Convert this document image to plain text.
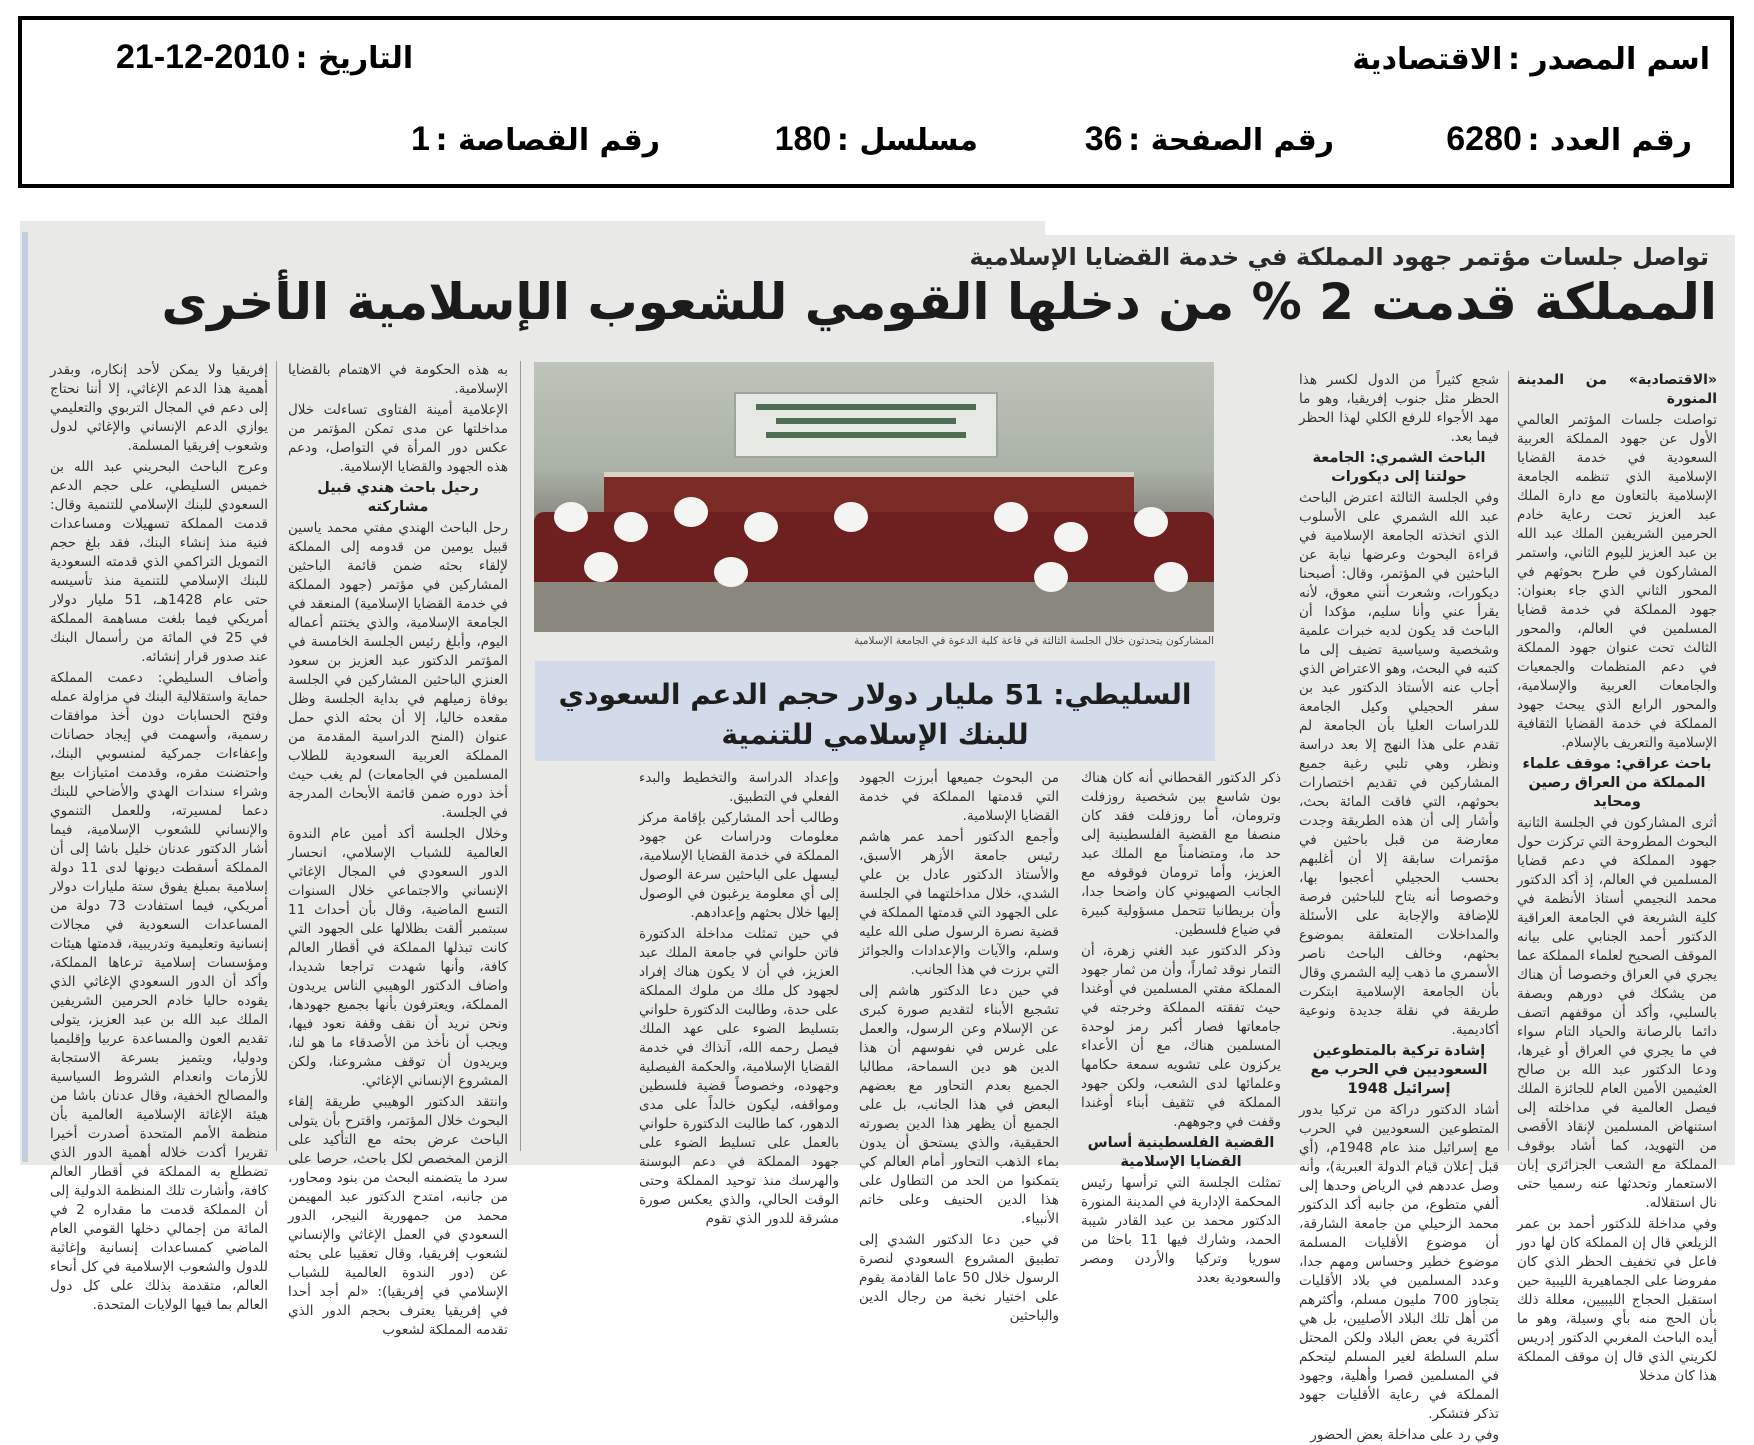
اسم المصدر : الاقتصادية
التاريخ : 2010-12-21
رقم العدد : 6280
رقم الصفحة : 36
مسلسل : 180
رقم القصاصة : 1
تواصل جلسات مؤتمر جهود المملكة في خدمة القضايا الإسلامية
المملكة قدمت 2 % من دخلها القومي للشعوب الإسلامية الأخرى

«الاقتصادية» من المدينة المنورة

تواصلت جلسات المؤتمر العالمي الأول عن جهود المملكة العربية السعودية في خدمة القضايا الإسلامية الذي تنظمه الجامعة الإسلامية بالتعاون مع دارة الملك عبد العزيز تحت رعاية خادم الحرمين الشريفين الملك عبد الله بن عبد العزيز لليوم الثاني، واستمر المشاركون في طرح بحوثهم في المحور الثاني الذي جاء بعنوان: جهود المملكة في خدمة قضايا المسلمين في العالم، والمحور الثالث تحت عنوان جهود المملكة في دعم المنظمات والجمعيات والجامعات العربية والإسلامية، والمحور الرابع الذي يبحث جهود المملكة في خدمة القضايا الثقافية الإسلامية والتعريف بالإسلام.

باحث عراقي: موقف علماء المملكة من العراق رصين ومحايد

أثرى المشاركون في الجلسة الثانية البحوث المطروحة التي تركزت حول جهود المملكة في دعم قضايا المسلمين في العالم، إذ أكد الدكتور محمد النجيمي أستاذ الأنظمة في كلية الشريعة في الجامعة العراقية الدكتور أحمد الجنابي على بيانه الموقف الصحيح لعلماء المملكة عما يجري في العراق وخصوصا أن هناك من يشكك في دورهم وبصفة بالسلبي، وأكد أن موقفهم اتصف دائما بالرصانة والحياد التام سواء في ما يجري في العراق أو غيرها، ودعا الدكتور عبد الله بن صالح العثيمين الأمين العام للجائزة الملك فيصل العالمية في مداخلته إلى استنهاض المسلمين لإنقاذ الأقصى من التهويد، كما أشاد بوقوف المملكة مع الشعب الجزائري إبان الاستعمار وتحدثها عنه رسميا حتى نال استقلاله.

وفي مداخلة للدكتور أحمد بن عمر الزيلعي قال إن المملكة كان لها دور فاعل في تخفيف الحظر الذي كان مفروضا على الجماهيرية الليبية حين استقبل الحجاج الليبيين، معللة ذلك بأن الحج منه بأي وسيلة، وهو ما أيده الباحث المغربي الدكتور إدريس لكريني الذي قال إن موقف المملكة هذا كان مدخلا

شجع كثيراً من الدول لكسر هذا الحظر مثل جنوب إفريقيا، وهو ما مهد الأجواء للرفع الكلي لهذا الحظر فيما بعد.

الباحث الشمري: الجامعة حولتنا إلى ديكورات

وفي الجلسة الثالثة اعترض الباحث عبد الله الشمري على الأسلوب الذي اتخذته الجامعة الإسلامية في قراءة البحوث وعرضها نيابة عن الباحثين في المؤتمر، وقال: أصبحنا ديكورات، وشعرت أنني معوق، لأنه يقرأ عني وأنا سليم، مؤكدا أن الباحث قد يكون لديه خبرات علمية وشخصية وسياسية تضيف إلى ما كتبه في البحث، وهو الاعتراض الذي أجاب عنه الأستاذ الدكتور عبد بن سفر الحجيلي وكيل الجامعة للدراسات العليا بأن الجامعة لم تقدم على هذا النهج إلا بعد دراسة ونظر، وهي تلبي رغبة جميع المشاركين في تقديم اختصارات بحوثهم، التي فاقت المائة بحث، وأشار إلى أن هذه الطريقة وجدت معارضة من قبل باحثين في مؤتمرات سابقة إلا أن أغلبهم بحسب الحجيلي أعجبوا بها، وخصوصا أنه يتاح للباحثين فرصة للإضافة والإجابة على الأسئلة والمداخلات المتعلقة بموضوع بحثهم، وخالف الباحث ناصر الأسمري ما ذهب إليه الشمري وقال بأن الجامعة الإسلامية ابتكرت طريقة في نقلة جديدة ونوعية أكاديمية.

إشادة تركية بالمتطوعين السعوديين في الحرب مع إسرائيل 1948

أشاد الدكتور دراكة من تركيا بدور المتطوعين السعوديين في الحرب مع إسرائيل منذ عام 1948م، (أي قبل إعلان قيام الدولة العبرية)، وأنه وصل عددهم في الرياض وحدها إلى ألفي متطوع، من جانبه أكد الدكتور محمد الزحيلي من جامعة الشارقة، أن موضوع الأقليات المسلمة موضوع خطير وحساس ومهم جدا، وعدد المسلمين في بلاد الأقليات يتجاوز 700 مليون مسلم، وأكثرهم من أهل تلك البلاد الأصليين، بل هي أكثرية في بعض البلاد ولكن المحتل سلم السلطة لغير المسلم ليتحكم في المسلمين قصرا وأهلية، وجهود المملكة في رعاية الأقليات جهود تذكر فتشكر.

وفي رد على مداخلة بعض الحضور

المشاركون يتحدثون خلال الجلسة الثالثة في قاعة كلية الدعوة في الجامعة الإسلامية
السليطي: 51 مليار دولار حجم الدعم السعودي للبنك الإسلامي للتنمية

ذكر الدكتور القحطاني أنه كان هناك بون شاسع بين شخصية روزفلت وترومان، أما روزفلت فقد كان منصفا مع القضية الفلسطينية إلى حد ما، ومتضامناً مع الملك عبد العزيز، وأما ترومان فوقوفه مع الجانب الصهيوني كان واضحا جدا، وأن بريطانيا تتحمل مسؤولية كبيرة في ضياع فلسطين.

وذكر الدكتور عبد الغني زهرة، أن التمار نوقد ثماراً، وأن من ثمار جهود المملكة مفتي المسلمين في أوغندا حيث تفقته المملكة وخرجته في جامعاتها فصار أكبر رمز لوحدة المسلمين هناك، مع أن الأعداء يركزون على تشويه سمعة حكامها وعلمائها لدى الشعب، ولكن جهود المملكة في تثقيف أبناء أوغندا وقفت في وجوههم.

القضية الفلسطينية أساس القضايا الإسلامية

تمثلت الجلسة التي ترأسها رئيس المحكمة الإدارية في المدينة المنورة الدكتور محمد بن عبد القادر شيبة الحمد، وشارك فيها 11 باحثا من سوريا وتركيا والأردن ومصر والسعودية بعدد

من البحوث جميعها أبرزت الجهود التي قدمتها المملكة في خدمة القضايا الإسلامية.

وأجمع الدكتور أحمد عمر هاشم رئيس جامعة الأزهر الأسبق، والأستاذ الدكتور عادل بن علي الشدي، خلال مداخلتهما في الجلسة على الجهود التي قدمتها المملكة في قضية نصرة الرسول صلى الله عليه وسلم، والآيات والإعدادات والجوائز التي برزت في هذا الجانب.

في حين دعا الدكتور هاشم إلى تشجيع الأبناء لتقديم صورة كبرى عن الإسلام وعن الرسول، والعمل على غرس في نفوسهم أن هذا الدين هو دين السماحة، مطالبا الجميع بعدم التحاور مع بعضهم البعض في هذا الجانب، بل على الجميع أن يظهر هذا الدين بصورته الحقيقية، والذي يستحق أن يدون بماء الذهب التحاور أمام العالم كي يتمكنوا من الحد من التطاول على هذا الدين الحنيف وعلى خاتم الأنبياء.

في حين دعا الدكتور الشدي إلى تطبيق المشروع السعودي لنصرة الرسول خلال 50 عاما القادمة يقوم على اختيار نخبة من رجال الدين والباحثين

وإعداد الدراسة والتخطيط والبدء الفعلي في التطبيق.

وطالب أحد المشاركين بإقامة مركز معلومات ودراسات عن جهود المملكة في خدمة القضايا الإسلامية، ليسهل على الباحثين سرعة الوصول إلى أي معلومة يرغبون في الوصول إليها خلال بحثهم وإعدادهم.

في حين تمثلت مداخلة الدكتورة فاتن حلواني في جامعة الملك عبد العزيز، في أن لا يكون هناك إفراد لجهود كل ملك من ملوك المملكة على حدة، وطالبت الدكتورة حلواني بتسليط الضوء على عهد الملك فيصل رحمه الله، آنذاك في خدمة القضايا الإسلامية، والحكمة الفيصلية وجهوده، وخصوصاً قضية فلسطين ومواقفه، ليكون خالداً على مدى الدهور، كما طالبت الدكتورة حلواني بالعمل على تسليط الضوء على جهود المملكة في دعم البوسنة والهرسك منذ توحيد المملكة وحتى الوقت الحالي، والذي يعكس صورة مشرقة للدور الذي تقوم

به هذه الحكومة في الاهتمام بالقضايا الإسلامية.

الإعلامية أمينة الفتاوى تساءلت خلال مداخلتها عن مدى تمكن المؤتمر من عكس دور المرأة في التواصل، ودعم هذه الجهود والقضايا الإسلامية.

رحيل باحث هندي قبيل مشاركته

رحل الباحث الهندي مفتي محمد ياسين قبيل يومين من قدومه إلى المملكة لإلقاء بحثه ضمن قائمة الباحثين المشاركين في مؤتمر (جهود المملكة في خدمة القضايا الإسلامية) المنعقد في الجامعة الإسلامية، والذي يختتم أعماله اليوم، وأبلغ رئيس الجلسة الخامسة في المؤتمر الدكتور عبد العزيز بن سعود العنزي الباحثين المشاركين في الجلسة بوفاة زميلهم في بداية الجلسة وظل مقعده خاليا، إلا أن بحثه الذي حمل عنوان (المنح الدراسية المقدمة من المملكة العربية السعودية للطلاب المسلمين في الجامعات) لم يغب حيث أخذ دوره ضمن قائمة الأبحاث المدرجة في الجلسة.

وخلال الجلسة أكد أمين عام الندوة العالمية للشباب الإسلامي، انحسار الدور السعودي في المجال الإغاثي الإنساني والاجتماعي خلال السنوات التسع الماضية، وقال بأن أحداث 11 سبتمبر ألقت بظلالها على الجهود التي كانت تبذلها المملكة في أقطار العالم كافة، وأنها شهدت تراجعا شديدا، واضاف الدكتور الوهيبي الناس يريدون المملكة، ويعترفون بأنها بجميع جهودها، ونحن نريد أن نقف وقفة نعود فيها، ويجب أن نأخذ من الأصدقاء ما هو لنا، ويريدون أن توقف مشروعنا، ولكن المشروع الإنساني الإغاثي.

وانتقد الدكتور الوهيبي طريقة إلقاء البحوث خلال المؤتمر، واقترح بأن يتولى الباحث عرض بحثه مع التأكيد على الزمن المخصص لكل باحث، حرصا على سرد ما يتضمنه البحث من بنود ومحاور، من جانبه، امتدح الدكتور عبد المهيمن محمد من جمهورية النيجر، الدور السعودي في العمل الإغاثي والإنساني لشعوب إفريقيا، وقال تعقيبا على بحثه عن (دور الندوة العالمية للشباب الإسلامي في إفريقيا): «لم أجد أحدا في إفريقيا يعترف بحجم الدور الذي تقدمه المملكة لشعوب

إفريقيا ولا يمكن لأحد إنكاره، وبقدر أهمية هذا الدعم الإغاثي، إلا أننا نحتاج إلى دعم في المجال التربوي والتعليمي يوازي الدعم الإنساني والإغاثي لدول وشعوب إفريقيا المسلمة.

وعرج الباحث البحريني عبد الله بن خميس السليطي، على حجم الدعم السعودي للبنك الإسلامي للتنمية وقال: قدمت المملكة تسهيلات ومساعدات فنية منذ إنشاء البنك، فقد بلغ حجم التمويل التراكمي الذي قدمته السعودية للبنك الإسلامي للتنمية منذ تأسيسه حتى عام 1428هـ، 51 مليار دولار أمريكي فيما بلغت مساهمة المملكة في 25 في المائة من رأسمال البنك عند صدور قرار إنشائه.

وأضاف السليطي: دعمت المملكة حماية واستقلالية البنك في مزاولة عمله وفتح الحسابات دون أخذ موافقات رسمية، وأسهمت في إيجاد حصانات وإعفاءات جمركية لمنسوبي البنك، واحتضنت مقره، وقدمت امتيازات بيع وشراء سندات الهدي والأضاحي للبنك دعما لمسيرته، وللعمل التنموي والإنساني للشعوب الإسلامية، فيما أشار الدكتور عدنان خليل باشا إلى أن المملكة أسقطت ديونها لدى 11 دولة إسلامية بمبلغ يفوق ستة مليارات دولار أمريكي، فيما استفادت 73 دولة من المساعدات السعودية في مجالات إنسانية وتعليمية وتدريبية، قدمتها هيئات ومؤسسات إسلامية ترعاها المملكة، وأكد أن الدور السعودي الإغاثي الذي يقوده حاليا خادم الحرمين الشريفين الملك عبد الله بن عبد العزيز، يتولى تقديم العون والمساعدة عربيا وإقليميا ودوليا، ويتميز بسرعة الاستجابة للأزمات وانعدام الشروط السياسية والمصالح الخفية، وقال عدنان باشا من هيئة الإغاثة الإسلامية العالمية بأن منظمة الأمم المتحدة أصدرت أخيرا تقريرا أكدت خلاله أهمية الدور الذي تضطلع به المملكة في أقطار العالم كافة، وأشارت تلك المنظمة الدولية إلى أن المملكة قدمت ما مقداره 2 في المائة من إجمالي دخلها القومي العام الماضي كمساعدات إنسانية وإغاثية للدول والشعوب الإسلامية في كل أنحاء العالم، متقدمة بذلك على كل دول العالم بما فيها الولايات المتحدة.
